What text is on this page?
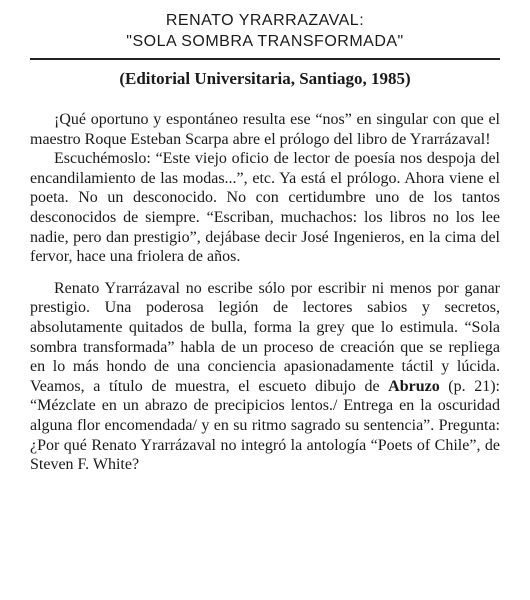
RENATO YRARRAZAVAL:
"SOLA SOMBRA TRANSFORMADA"
(Editorial Universitaria, Santiago, 1985)

¡Qué oportuno y espontáneo resulta ese “nos” en singular con que el maestro Roque Esteban Scarpa abre el prólogo del libro de Yrarrázaval!

Escuchémoslo: “Este viejo oficio de lector de poesía nos despoja del encandilamiento de las modas...”, etc. Ya está el prólogo. Ahora viene el poeta. No un desconocido. No con certidumbre uno de los tantos desconocidos de siempre. “Escriban, muchachos: los libros no los lee nadie, pero dan prestigio”, dejábase decir José Ingenieros, en la cima del fervor, hace una friolera de años.

Renato Yrarrázaval no escribe sólo por escribir ni menos por ganar prestigio. Una poderosa legión de lectores sabios y secretos, absolutamente quitados de bulla, forma la grey que lo estimula. “Sola sombra transformada” habla de un proceso de creación que se repliega en lo más hondo de una conciencia apasionadamente táctil y lúcida. Veamos, a título de muestra, el escueto dibujo de Abruzo (p. 21): “Mézclate en un abrazo de precipicios lentos./ Entrega en la oscuridad alguna flor encomendada/ y en su ritmo sagrado su sentencia”. Pregunta: ¿Por qué Renato Yrarrázaval no integró la antología “Poets of Chile”, de Steven F. White?
